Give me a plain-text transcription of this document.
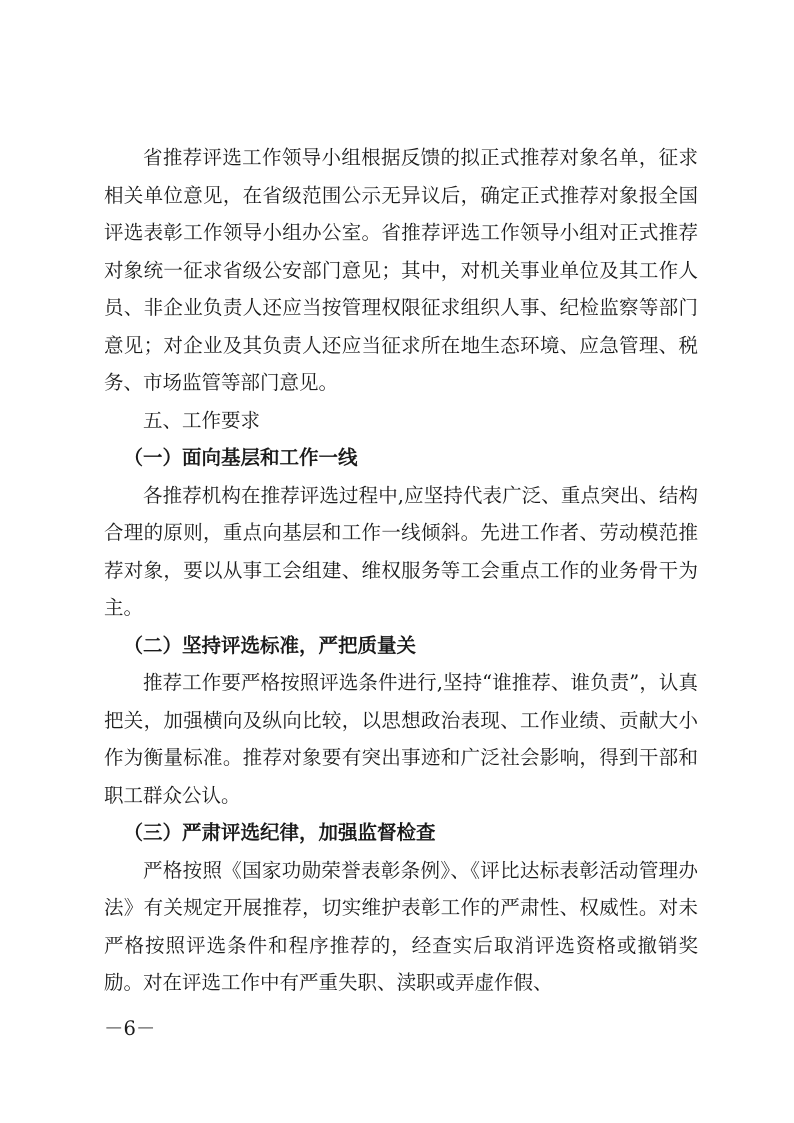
省推荐评选工作领导小组根据反馈的拟正式推荐对象名单，征求相关单位意见，在省级范围公示无异议后，确定正式推荐对象报全国评选表彰工作领导小组办公室。省推荐评选工作领导小组对正式推荐对象统一征求省级公安部门意见；其中，对机关事业单位及其工作人员、非企业负责人还应当按管理权限征求组织人事、纪检监察等部门意见；对企业及其负责人还应当征求所在地生态环境、应急管理、税务、市场监管等部门意见。

五、工作要求

（一）面向基层和工作一线

各推荐机构在推荐评选过程中,应坚持代表广泛、重点突出、结构合理的原则，重点向基层和工作一线倾斜。先进工作者、劳动模范推荐对象，要以从事工会组建、维权服务等工会重点工作的业务骨干为主。

（二）坚持评选标准，严把质量关

推荐工作要严格按照评选条件进行,坚持“谁推荐、谁负责”，认真把关，加强横向及纵向比较，以思想政治表现、工作业绩、贡献大小作为衡量标准。推荐对象要有突出事迹和广泛社会影响，得到干部和职工群众公认。

（三）严肃评选纪律，加强监督检查

严格按照《国家功勋荣誉表彰条例》、《评比达标表彰活动管理办法》有关规定开展推荐，切实维护表彰工作的严肃性、权威性。对未严格按照评选条件和程序推荐的，经查实后取消评选资格或撤销奖励。对在评选工作中有严重失职、渎职或弄虚作假、

－6－
